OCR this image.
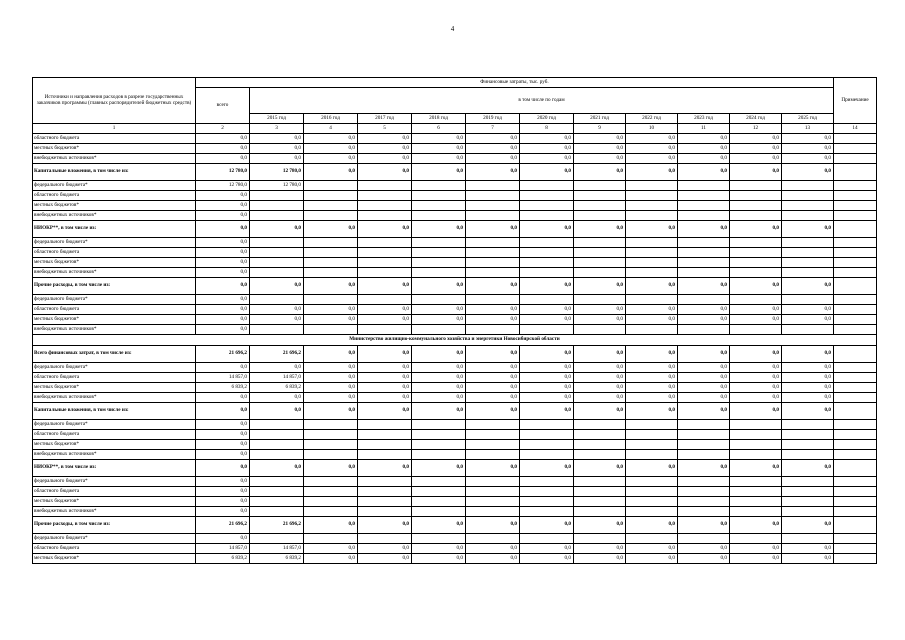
4
Источники и направления расходов в разрезе государственных заказчиков программы (главных распорядителей бюджетных средств)	Финансовые затраты, тыс. руб.												Примечание
	всего	в том числе по годам											
		2015 год	2016 год	2017 год	2018 год	2019 год	2020 год	2021 год	2022 год	2023 год	2024 год	2025 год	
1	2	3	4	5	6	7	8	9	10	11	12	13	14
областного бюджета	0,0	0,0	0,0	0,0	0,0	0,0	0,0	0,0	0,0	0,0	0,0	0,0	
местных бюджетов*	0,0	0,0	0,0	0,0	0,0	0,0	0,0	0,0	0,0	0,0	0,0	0,0	
внебюджетных источников*	0,0	0,0	0,0	0,0	0,0	0,0	0,0	0,0	0,0	0,0	0,0	0,0	
Капитальные вложения, в том числе из:	12 780,0	12 780,0	0,0	0,0	0,0	0,0	0,0	0,0	0,0	0,0	0,0	0,0	
федерального бюджета*	12 780,0	12 780,0											
областного бюджета	0,0												
местных бюджетов*	0,0												
внебюджетных источников*	0,0												
НИОКР**, в том числе из:	0,0	0,0	0,0	0,0	0,0	0,0	0,0	0,0	0,0	0,0	0,0	0,0	
федерального бюджета*	0,0												
областного бюджета	0,0												
местных бюджетов*	0,0												
внебюджетных источников*	0,0												
Прочие расходы, в том числе из:	0,0	0,0	0,0	0,0	0,0	0,0	0,0	0,0	0,0	0,0	0,0	0,0	
федерального бюджета*	0,0												
областного бюджета	0,0	0,0	0,0	0,0	0,0	0,0	0,0	0,0	0,0	0,0	0,0	0,0	
местных бюджетов*	0,0	0,0	0,0	0,0	0,0	0,0	0,0	0,0	0,0	0,0	0,0	0,0	
внебюджетных источников*	0,0												
Министерство жилищно-коммунального хозяйства и энергетики Новосибирской области													
Всего финансовых затрат, в том числе из:	21 696,2	21 696,2	0,0	0,0	0,0	0,0	0,0	0,0	0,0	0,0	0,0	0,0	
федерального бюджета*	0,0	0,0	0,0	0,0	0,0	0,0	0,0	0,0	0,0	0,0	0,0	0,0	
областного бюджета	14 857,0	14 857,0	0,0	0,0	0,0	0,0	0,0	0,0	0,0	0,0	0,0	0,0	
местных бюджетов*	6 839,2	6 839,2	0,0	0,0	0,0	0,0	0,0	0,0	0,0	0,0	0,0	0,0	
внебюджетных источников*	0,0	0,0	0,0	0,0	0,0	0,0	0,0	0,0	0,0	0,0	0,0	0,0	
Капитальные вложения, в том числе из:	0,0	0,0	0,0	0,0	0,0	0,0	0,0	0,0	0,0	0,0	0,0	0,0	
федерального бюджета*	0,0												
областного бюджета	0,0												
местных бюджетов*	0,0												
внебюджетных источников*	0,0												
НИОКР**, в том числе из:	0,0	0,0	0,0	0,0	0,0	0,0	0,0	0,0	0,0	0,0	0,0	0,0	
федерального бюджета*	0,0												
областного бюджета	0,0												
местных бюджетов*	0,0												
внебюджетных источников*	0,0												
Прочие расходы, в том числе из:	21 696,2	21 696,2	0,0	0,0	0,0	0,0	0,0	0,0	0,0	0,0	0,0	0,0	
федерального бюджета*	0,0												
областного бюджета	14 857,0	14 857,0	0,0	0,0	0,0	0,0	0,0	0,0	0,0	0,0	0,0	0,0	
местных бюджетов*	6 839,2	6 839,2	0,0	0,0	0,0	0,0	0,0	0,0	0,0	0,0	0,0	0,0	
